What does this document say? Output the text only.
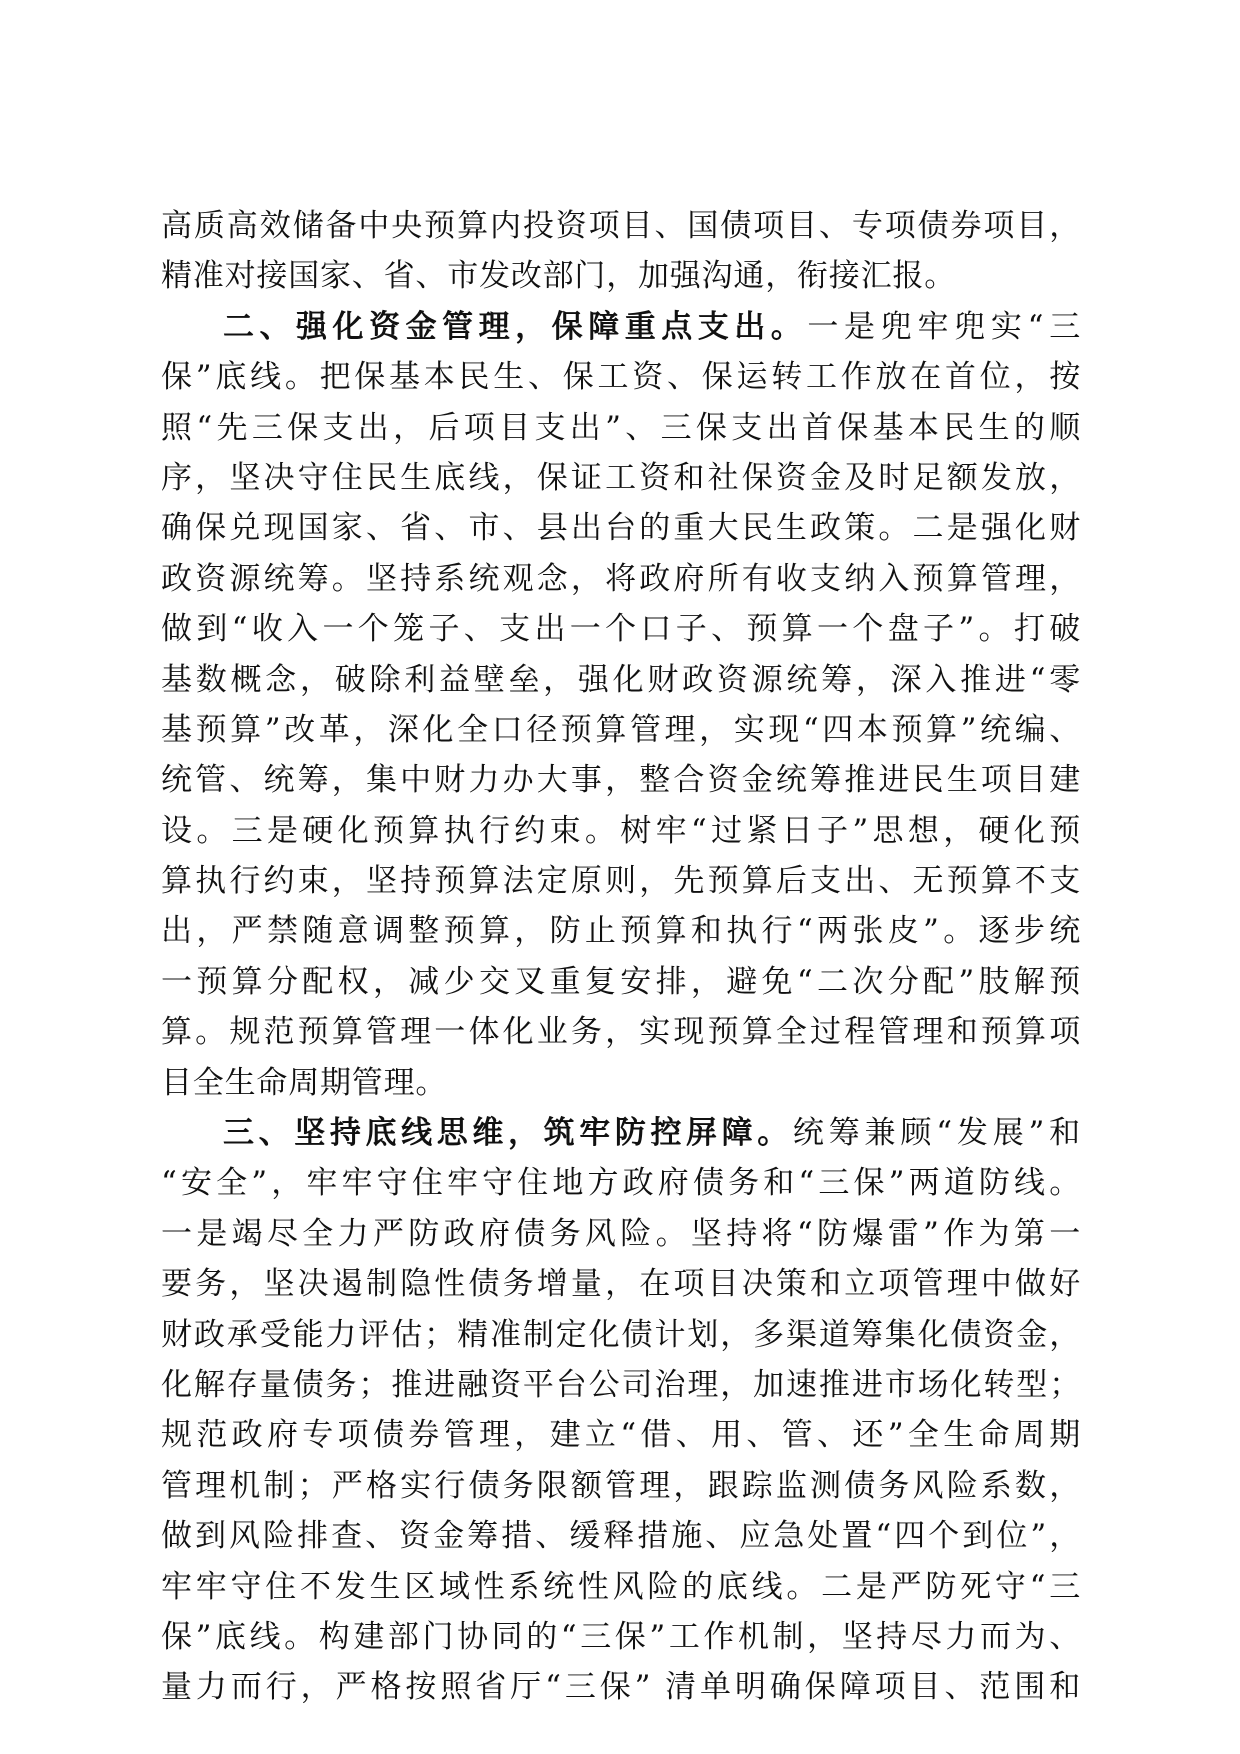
高质高效储备中央预算内投资项目、国债项目、专项债券项目，
精准对接国家、省、市发改部门，加强沟通，衔接汇报。
二、强化资金管理，保障重点支出。一是兜牢兜实“三
保”底线。把保基本民生、保工资、保运转工作放在首位，按
照“先三保支出，后项目支出”、三保支出首保基本民生的顺
序，坚决守住民生底线，保证工资和社保资金及时足额发放，
确保兑现国家、省、市、县出台的重大民生政策。二是强化财
政资源统筹。坚持系统观念，将政府所有收支纳入预算管理，
做到“收入一个笼子、支出一个口子、预算一个盘子”。打破
基数概念，破除利益壁垒，强化财政资源统筹，深入推进“零
基预算”改革，深化全口径预算管理，实现“四本预算”统编、
统管、统筹，集中财力办大事，整合资金统筹推进民生项目建
设。三是硬化预算执行约束。树牢“过紧日子”思想，硬化预
算执行约束，坚持预算法定原则，先预算后支出、无预算不支
出，严禁随意调整预算，防止预算和执行“两张皮”。逐步统
一预算分配权，减少交叉重复安排，避免“二次分配”肢解预
算。规范预算管理一体化业务，实现预算全过程管理和预算项
目全生命周期管理。
三、坚持底线思维，筑牢防控屏障。统筹兼顾“发展”和
“安全”，牢牢守住牢守住地方政府债务和“三保”两道防线。
一是竭尽全力严防政府债务风险。坚持将“防爆雷”作为第一
要务，坚决遏制隐性债务增量，在项目决策和立项管理中做好
财政承受能力评估；精准制定化债计划，多渠道筹集化债资金，
化解存量债务；推进融资平台公司治理，加速推进市场化转型；
规范政府专项债券管理，建立“借、用、管、还”全生命周期
管理机制；严格实行债务限额管理，跟踪监测债务风险系数，
做到风险排查、资金筹措、缓释措施、应急处置“四个到位”，
牢牢守住不发生区域性系统性风险的底线。二是严防死守“三
保”底线。构建部门协同的“三保”工作机制，坚持尽力而为、
量力而行，严格按照省厅“三保” 清单明确保障项目、范围和
